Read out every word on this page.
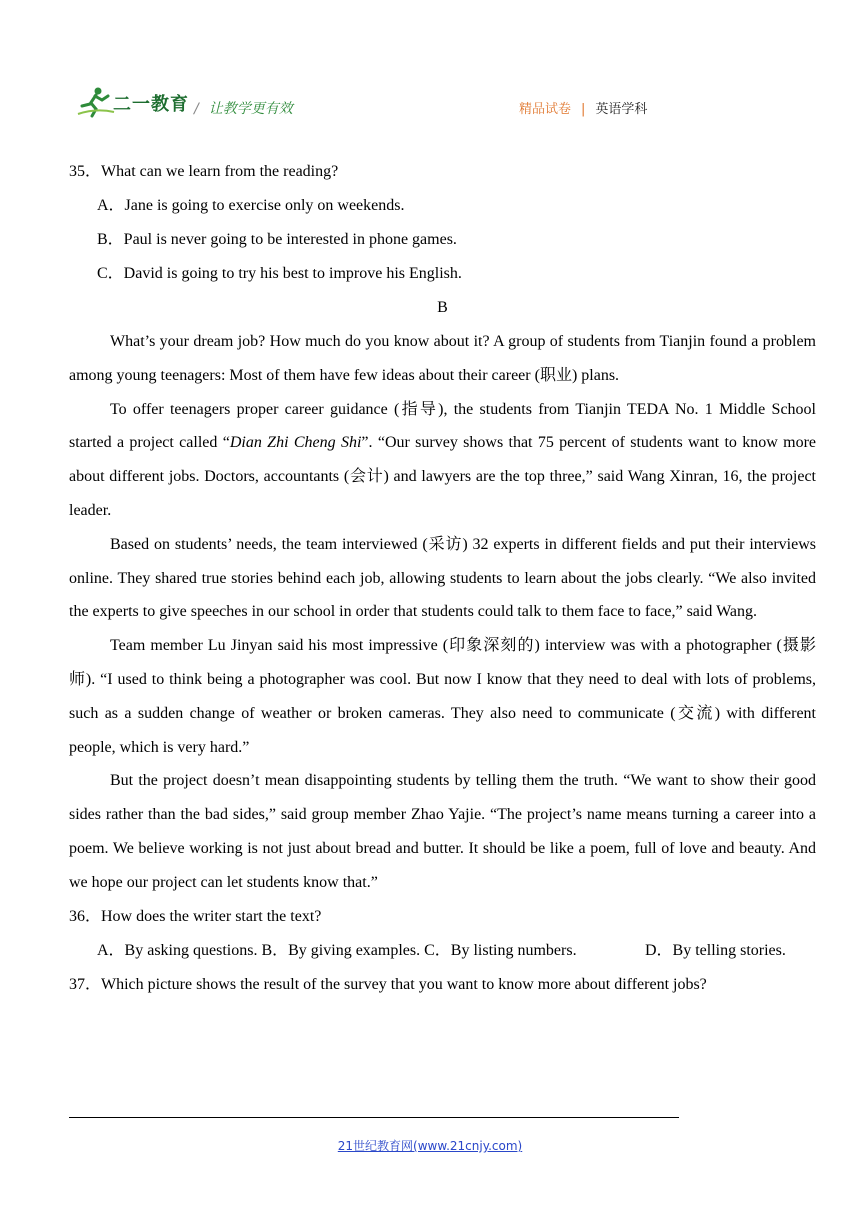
二一教育 / 让教学更有效	精品试卷 | 英语学科
35．What can we learn from the reading?
A．Jane is going to exercise only on weekends.
B．Paul is never going to be interested in phone games.
C．David is going to try his best to improve his English.
B

What’s your dream job? How much do you know about it? A group of students from Tianjin found a problem among young teenagers: Most of them have few ideas about their career (职业) plans.

To offer teenagers proper career guidance (指导), the students from Tianjin TEDA No. 1 Middle School started a project called “Dian Zhi Cheng Shi”. “Our survey shows that 75 percent of students want to know more about different jobs. Doctors, accountants (会计) and lawyers are the top three,” said Wang Xinran, 16, the project leader.

Based on students’ needs, the team interviewed (采访) 32 experts in different fields and put their interviews online. They shared true stories behind each job, allowing students to learn about the jobs clearly. “We also invited the experts to give speeches in our school in order that students could talk to them face to face,” said Wang.

Team member Lu Jinyan said his most impressive (印象深刻的) interview was with a photographer (摄影师). “I used to think being a photographer was cool. But now I know that they need to deal with lots of problems, such as a sudden change of weather or broken cameras. They also need to communicate (交流) with different people, which is very hard.”

But the project doesn’t mean disappointing students by telling them the truth. “We want to show their good sides rather than the bad sides,” said group member Zhao Yajie. “The project’s name means turning a career into a poem. We believe working is not just about bread and butter. It should be like a poem, full of love and beauty. And we hope our project can let students know that.”

36．How does the writer start the text?
A．By asking questions. B．By giving examples. C．By listing numbers.	D．By telling stories.
37．Which picture shows the result of the survey that you want to know more about different jobs?
21世纪教育网(www.21cnjy.com)
